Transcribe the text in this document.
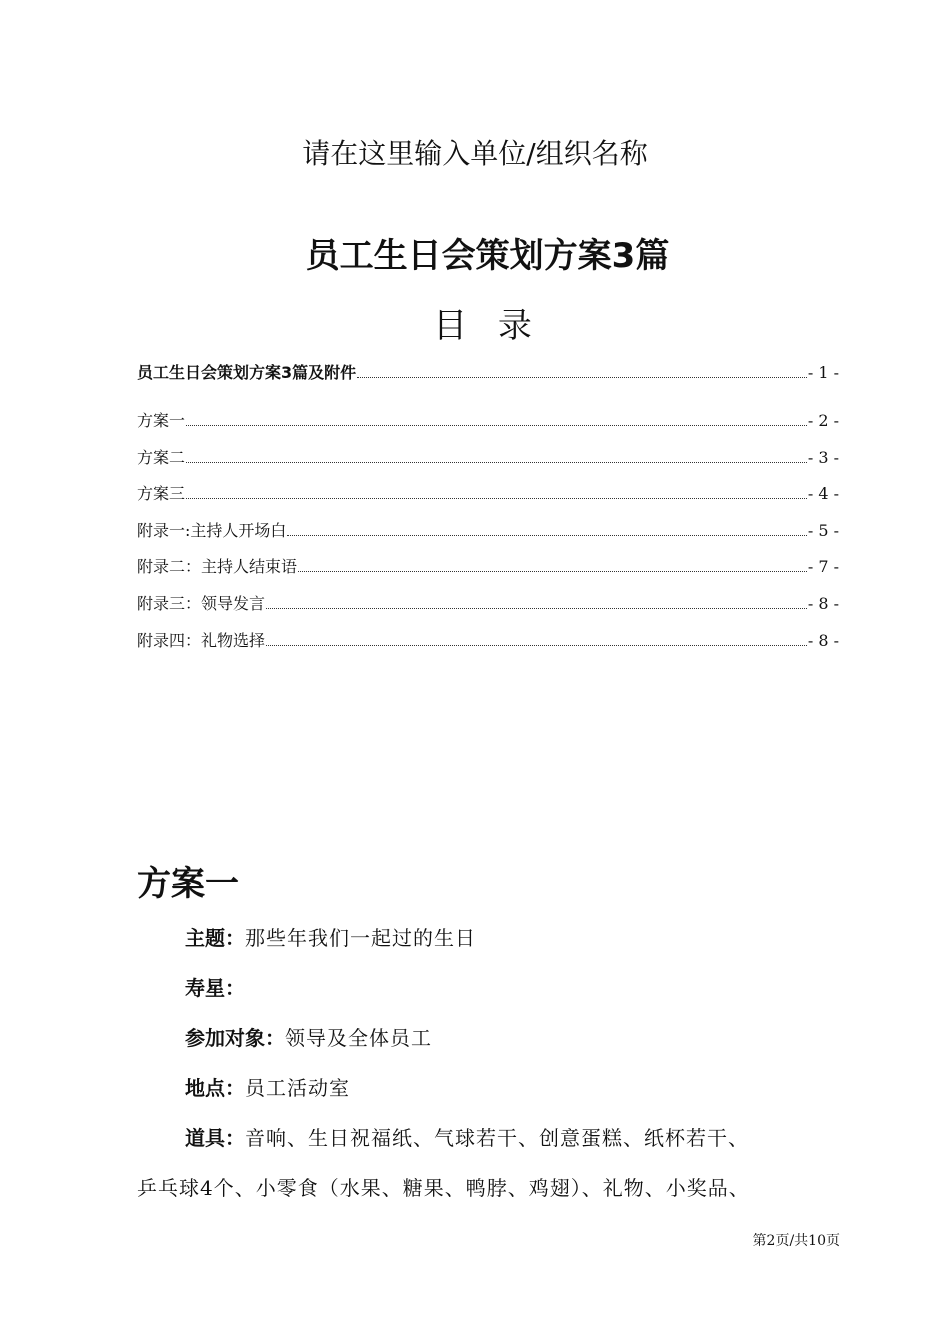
请在这里输入单位/组织名称
员工生日会策划方案3篇
目 录
员工生日会策划方案3篇及附件	- 1 -
方案一	- 2 -
方案二	- 3 -
方案三	- 4 -
附录一:主持人开场白	- 5 -
附录二：主持人结束语	- 7 -
附录三：领导发言	- 8 -
附录四：礼物选择	- 8 -
方案一
主题：那些年我们一起过的生日
寿星：
参加对象：领导及全体员工
地点：员工活动室
道具：音响、生日祝福纸、气球若干、创意蛋糕、纸杯若干、
乒乓球4个、小零食（水果、糖果、鸭脖、鸡翅）、礼物、小奖品、
第2页/共10页
